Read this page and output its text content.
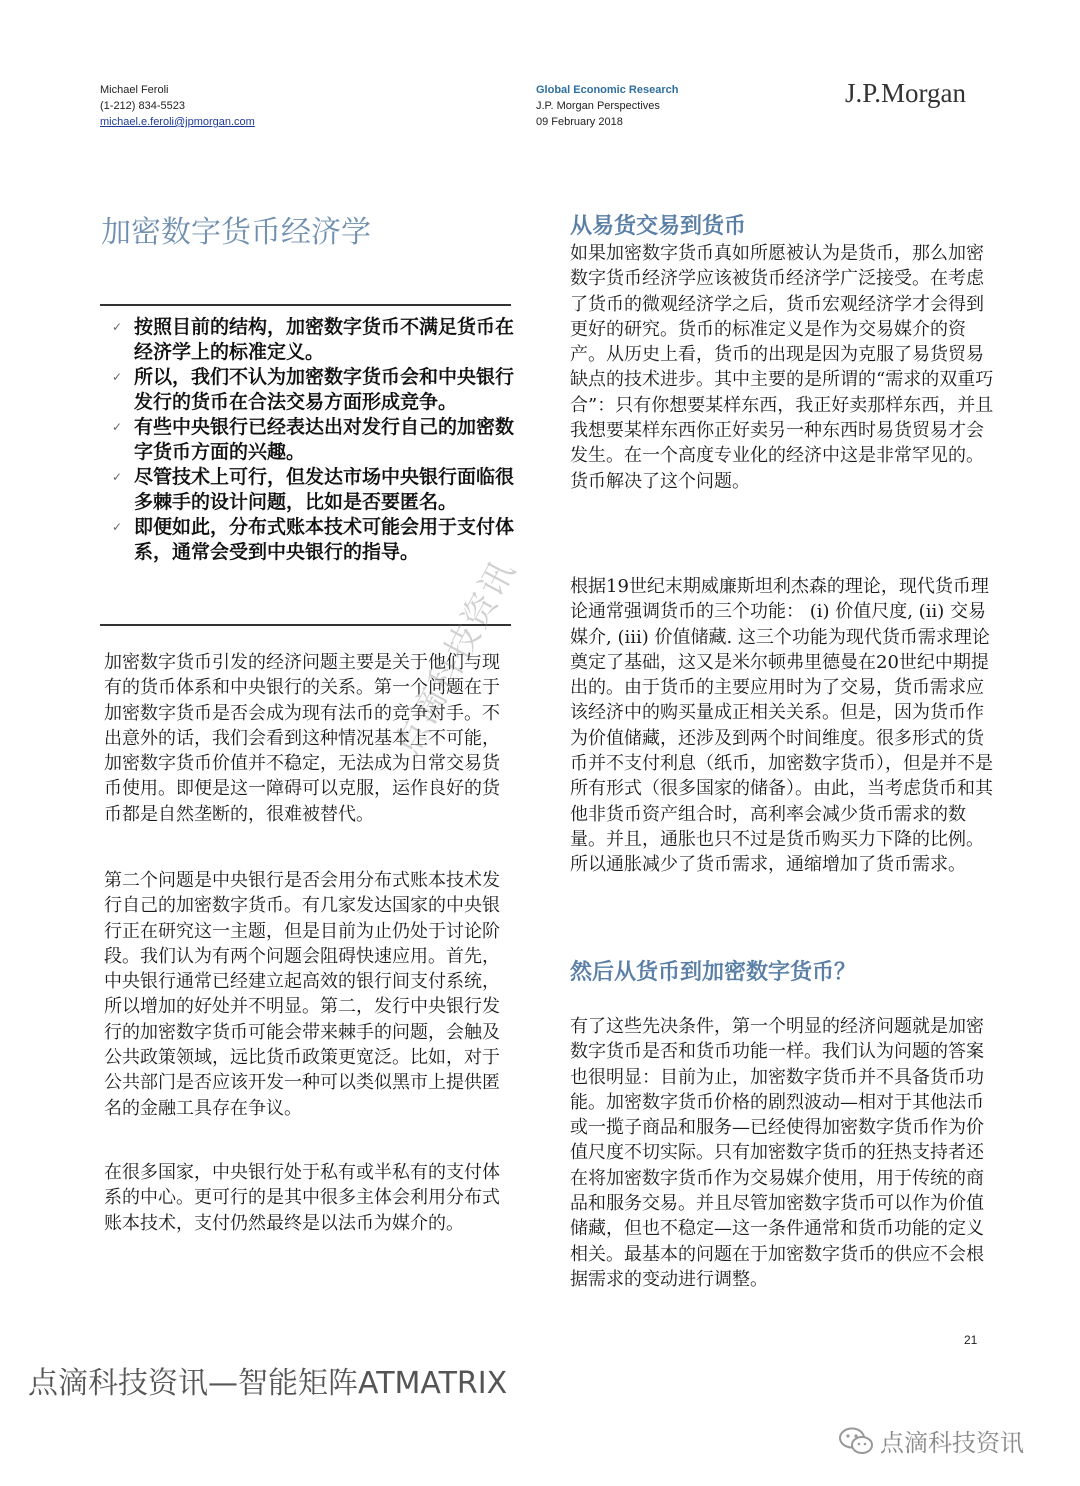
Michael Feroli
(1-212) 834-5523
michael.e.feroli@jpmorgan.com
Global Economic Research
J.P. Morgan Perspectives
09 February 2018
J.P.Morgan
加密数字货币经济学
✓ 按照目前的结构，加密数字货币不满足货币在经济学上的标准定义。
✓ 所以，我们不认为加密数字货币会和中央银行发行的货币在合法交易方面形成竞争。
✓ 有些中央银行已经表达出对发行自己的加密数字货币方面的兴趣。
✓ 尽管技术上可行，但发达市场中央银行面临很多棘手的设计问题，比如是否要匿名。
✓ 即便如此，分布式账本技术可能会用于支付体系，通常会受到中央银行的指导。

加密数字货币引发的经济问题主要是关于他们与现有的货币体系和中央银行的关系。第一个问题在于加密数字货币是否会成为现有法币的竞争对手。不出意外的话，我们会看到这种情况基本上不可能，加密数字货币价值并不稳定，无法成为日常交易货币使用。即便是这一障碍可以克服，运作良好的货币都是自然垄断的，很难被替代。

第二个问题是中央银行是否会用分布式账本技术发行自己的加密数字货币。有几家发达国家的中央银行正在研究这一主题，但是目前为止仍处于讨论阶段。我们认为有两个问题会阻碍快速应用。首先，中央银行通常已经建立起高效的银行间支付系统，所以增加的好处并不明显。第二，发行中央银行发行的加密数字货币可能会带来棘手的问题，会触及公共政策领域，远比货币政策更宽泛。比如，对于公共部门是否应该开发一种可以类似黑市上提供匿名的金融工具存在争议。

在很多国家，中央银行处于私有或半私有的支付体系的中心。更可行的是其中很多主体会利用分布式账本技术，支付仍然最终是以法币为媒介的。

从易货交易到货币

如果加密数字货币真如所愿被认为是货币，那么加密数字货币经济学应该被货币经济学广泛接受。在考虑了货币的微观经济学之后，货币宏观经济学才会得到更好的研究。货币的标准定义是作为交易媒介的资产。从历史上看，货币的出现是因为克服了易货贸易缺点的技术进步。其中主要的是所谓的“需求的双重巧合”：只有你想要某样东西，我正好卖那样东西，并且我想要某样东西你正好卖另一种东西时易货贸易才会发生。在一个高度专业化的经济中这是非常罕见的。货币解决了这个问题。

根据19世纪末期威廉斯坦利杰森的理论，现代货币理论通常强调货币的三个功能： (i) 价值尺度, (ii) 交易媒介, (iii) 价值储藏. 这三个功能为现代货币需求理论奠定了基础，这又是米尔顿弗里德曼在20世纪中期提出的。由于货币的主要应用时为了交易，货币需求应该经济中的购买量成正相关关系。但是，因为货币作为价值储藏，还涉及到两个时间维度。很多形式的货币并不支付利息（纸币，加密数字货币），但是并不是所有形式（很多国家的储备）。由此，当考虑货币和其他非货币资产组合时，高利率会减少货币需求的数量。并且，通胀也只不过是货币购买力下降的比例。所以通胀减少了货币需求，通缩增加了货币需求。

然后从货币到加密数字货币？

有了这些先决条件，第一个明显的经济问题就是加密数字货币是否和货币功能一样。我们认为问题的答案也很明显：目前为止，加密数字货币并不具备货币功能。加密数字货币价格的剧烈波动—相对于其他法币或一揽子商品和服务—已经使得加密数字货币作为价值尺度不切实际。只有加密数字货币的狂热支持者还在将加密数字货币作为交易媒介使用，用于传统的商品和服务交易。并且尽管加密数字货币可以作为价值储藏，但也不稳定—这一条件通常和货币功能的定义相关。最基本的问题在于加密数字货币的供应不会根据需求的变动进行调整。

点滴科技资讯
21
点滴科技资讯—智能矩阵ATMATRIX
点滴科技资讯
